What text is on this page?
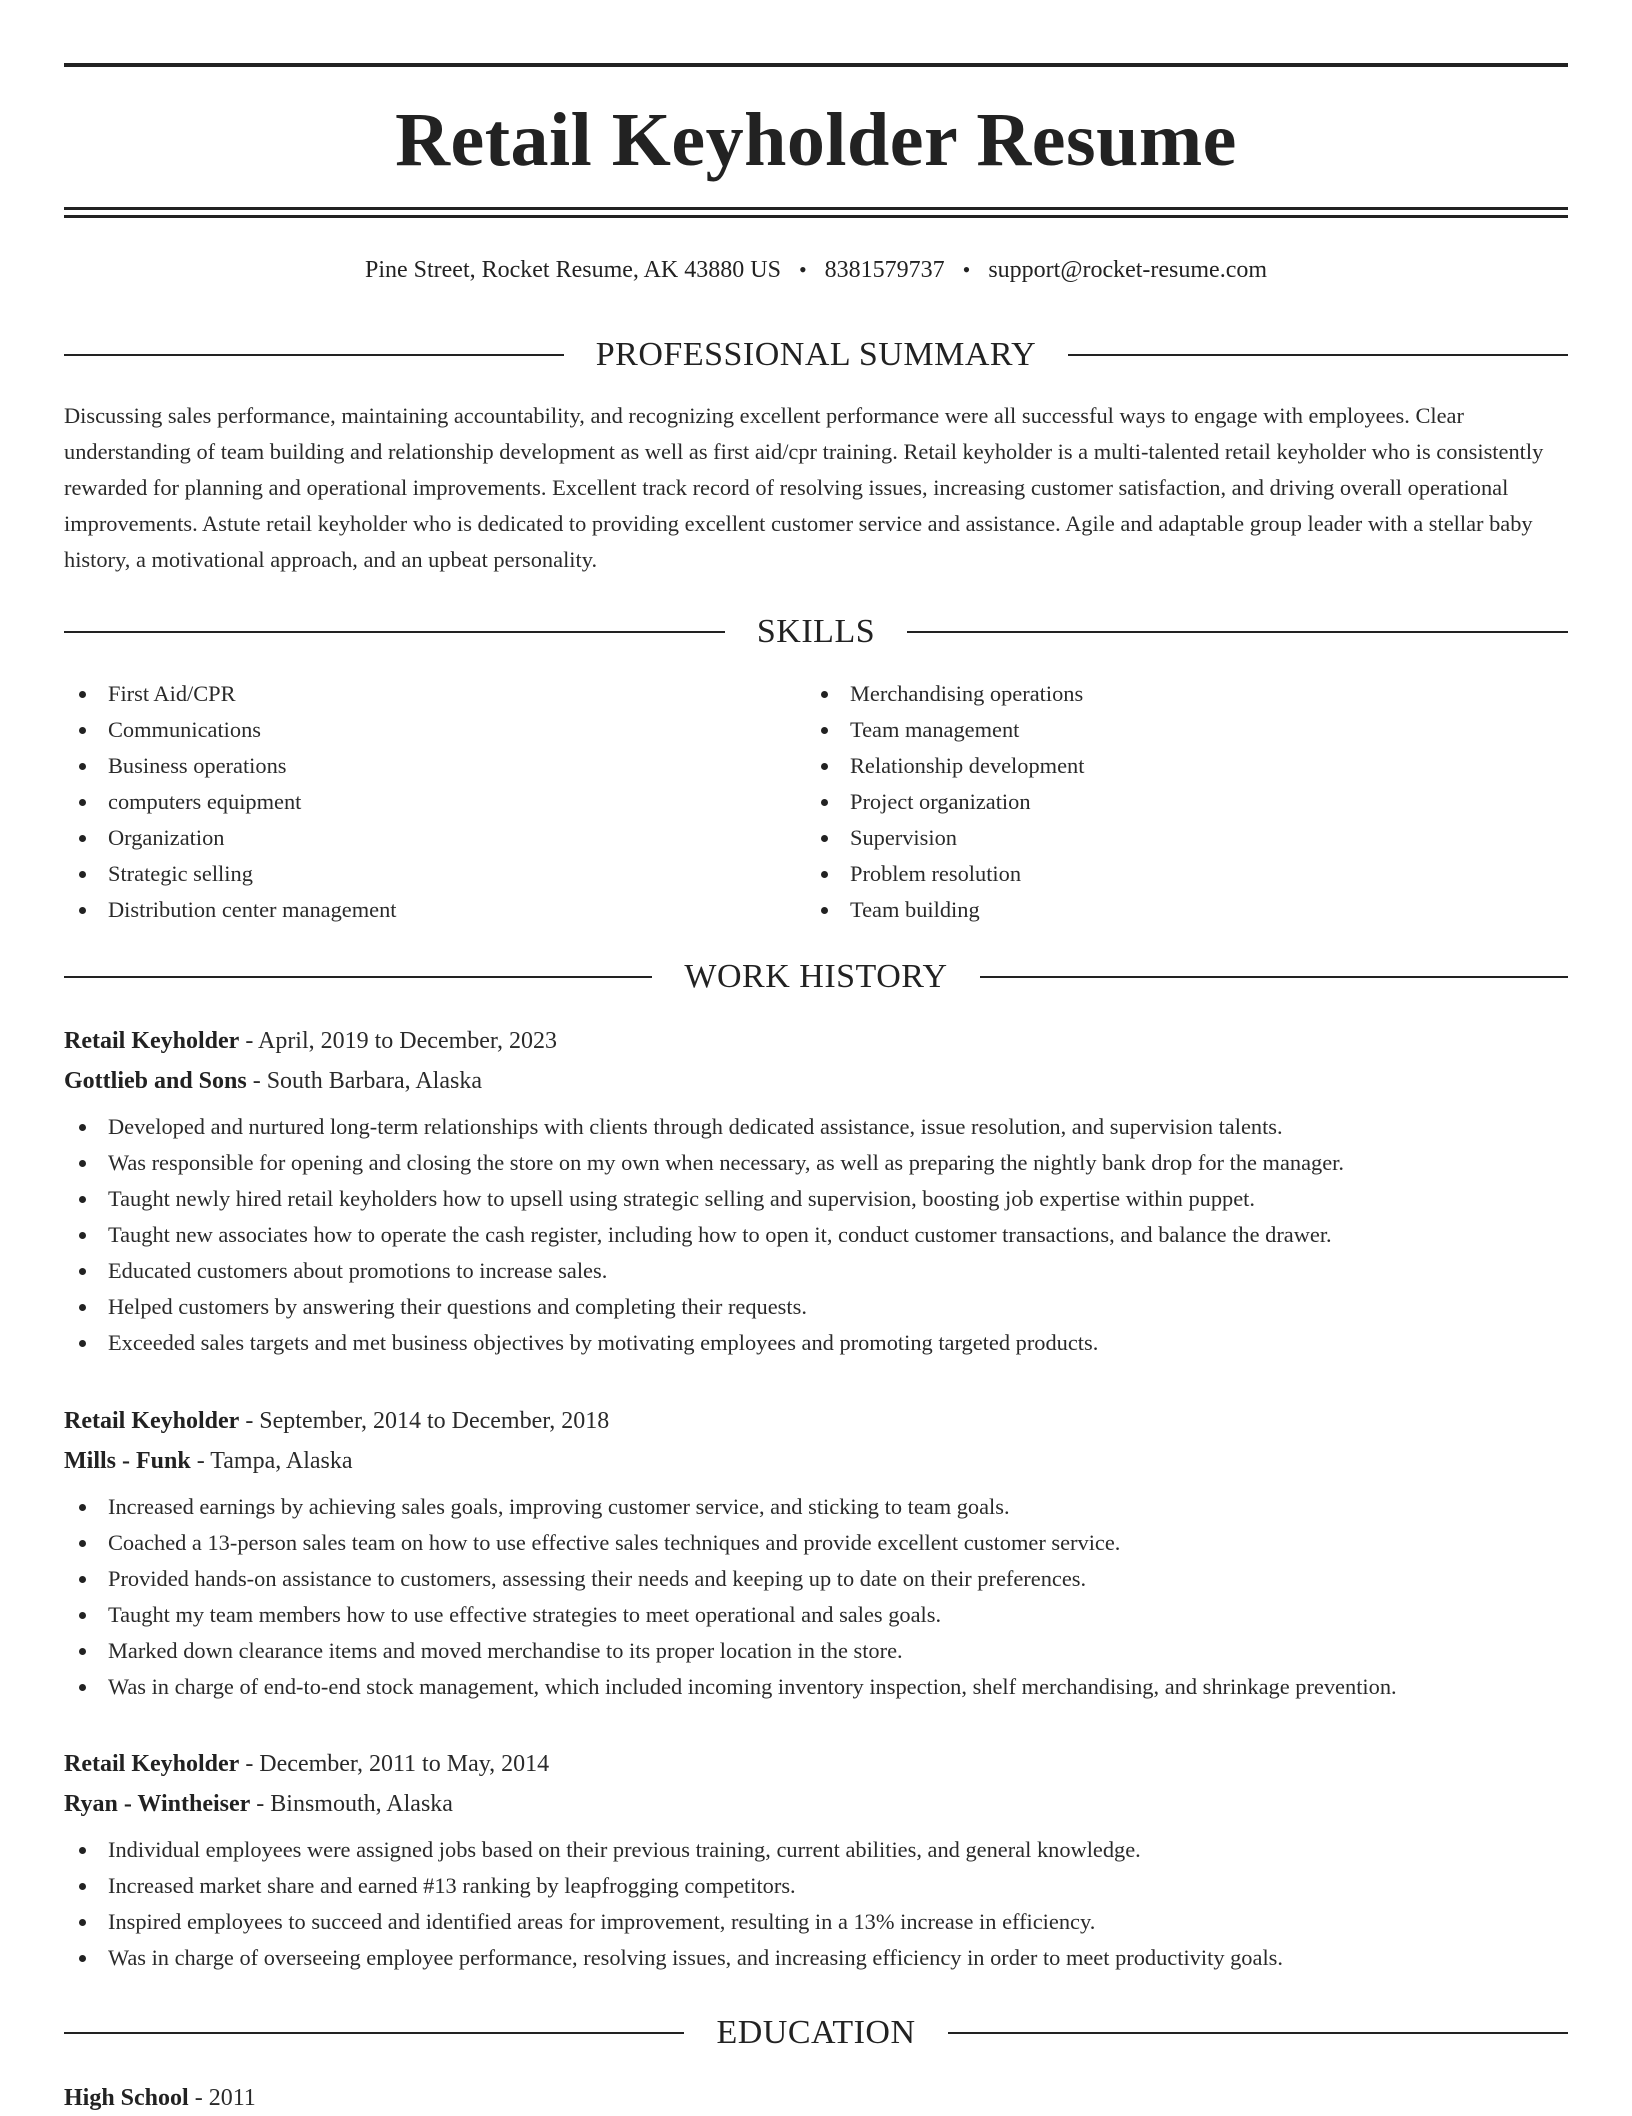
Retail Keyholder Resume
Pine Street, Rocket Resume, AK 43880 US • 8381579737 • support@rocket-resume.com
PROFESSIONAL SUMMARY

Discussing sales performance, maintaining accountability, and recognizing excellent performance were all successful ways to engage with employees. Clear understanding of team building and relationship development as well as first aid/cpr training. Retail keyholder is a multi-talented retail keyholder who is consistently rewarded for planning and operational improvements. Excellent track record of resolving issues, increasing customer satisfaction, and driving overall operational improvements. Astute retail keyholder who is dedicated to providing excellent customer service and assistance. Agile and adaptable group leader with a stellar baby history, a motivational approach, and an upbeat personality.

SKILLS
First Aid/CPR
Communications
Business operations
computers equipment
Organization
Strategic selling
Distribution center management
Merchandising operations
Team management
Relationship development
Project organization
Supervision
Problem resolution
Team building
WORK HISTORY
Retail Keyholder - April, 2019 to December, 2023
Gottlieb and Sons - South Barbara, Alaska
Developed and nurtured long-term relationships with clients through dedicated assistance, issue resolution, and supervision talents.
Was responsible for opening and closing the store on my own when necessary, as well as preparing the nightly bank drop for the manager.
Taught newly hired retail keyholders how to upsell using strategic selling and supervision, boosting job expertise within puppet.
Taught new associates how to operate the cash register, including how to open it, conduct customer transactions, and balance the drawer.
Educated customers about promotions to increase sales.
Helped customers by answering their questions and completing their requests.
Exceeded sales targets and met business objectives by motivating employees and promoting targeted products.
Retail Keyholder - September, 2014 to December, 2018
Mills - Funk - Tampa, Alaska
Increased earnings by achieving sales goals, improving customer service, and sticking to team goals.
Coached a 13-person sales team on how to use effective sales techniques and provide excellent customer service.
Provided hands-on assistance to customers, assessing their needs and keeping up to date on their preferences.
Taught my team members how to use effective strategies to meet operational and sales goals.
Marked down clearance items and moved merchandise to its proper location in the store.
Was in charge of end-to-end stock management, which included incoming inventory inspection, shelf merchandising, and shrinkage prevention.
Retail Keyholder - December, 2011 to May, 2014
Ryan - Wintheiser - Binsmouth, Alaska
Individual employees were assigned jobs based on their previous training, current abilities, and general knowledge.
Increased market share and earned #13 ranking by leapfrogging competitors.
Inspired employees to succeed and identified areas for improvement, resulting in a 13% increase in efficiency.
Was in charge of overseeing employee performance, resolving issues, and increasing efficiency in order to meet productivity goals.
EDUCATION
High School - 2011
